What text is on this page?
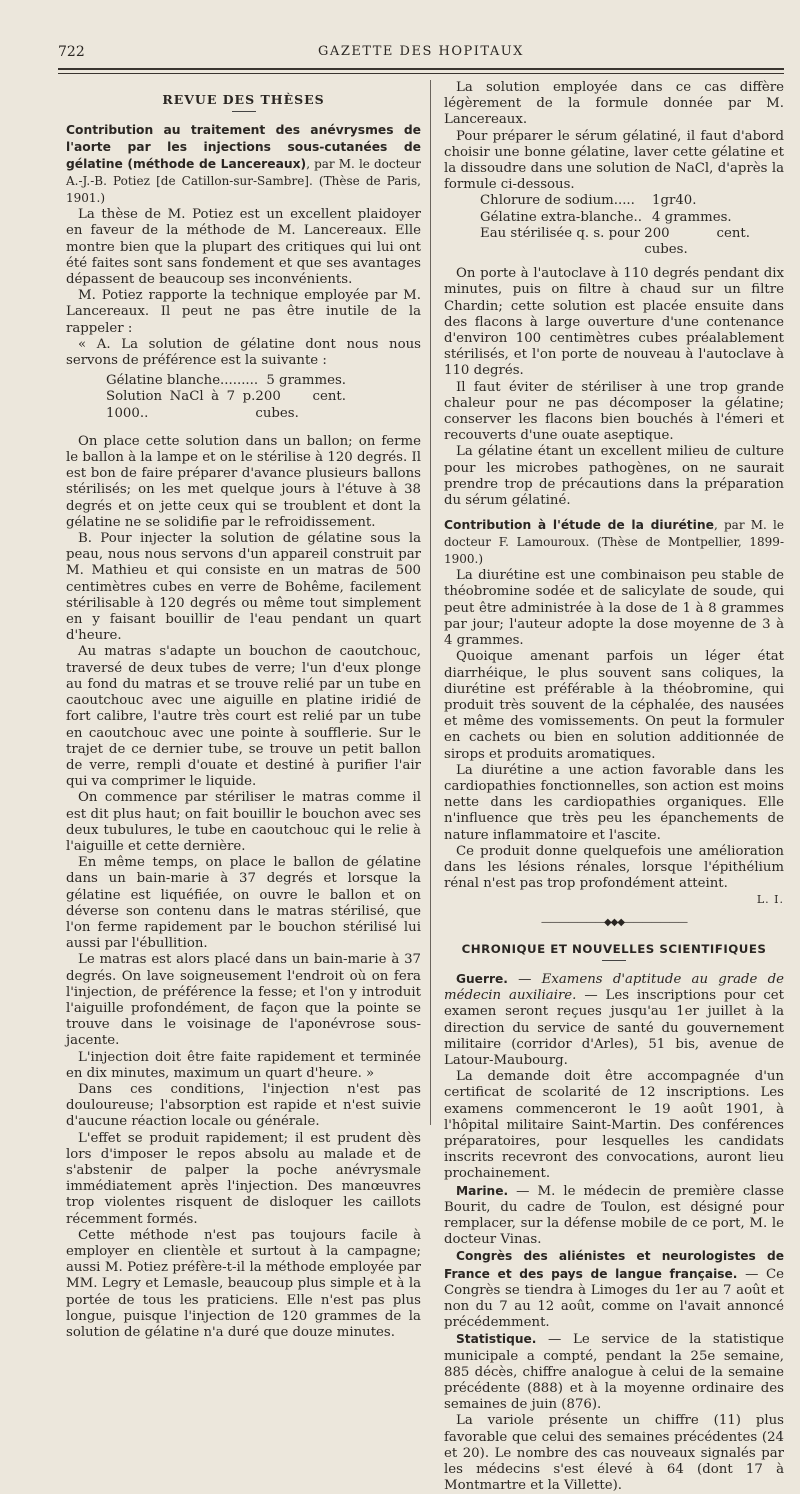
722	GAZETTE DES HOPITAUX
REVUE DES THÈSES

Contribution au traitement des anévrysmes de l'aorte par les injections sous-cutanées de gélatine (méthode de Lancereaux), par M. le docteur A.-J.-B. Potiez [de Catillon-sur-Sambre]. (Thèse de Paris, 1901.)

La thèse de M. Potiez est un excellent plaidoyer en faveur de la méthode de M. Lancereaux. Elle montre bien que la plupart des critiques qui lui ont été faites sont sans fondement et que ses avantages dépassent de beaucoup ses inconvénients.

M. Potiez rapporte la technique employée par M. Lancereaux. Il peut ne pas être inutile de la rappeler :

« A. La solution de gélatine dont nous nous servons de préférence est la suivante :

Gélatine blanche......... 5 grammes.
Solution NaCl à 7 p. 1000..
200 cent. cubes.

On place cette solution dans un ballon; on ferme le ballon à la lampe et on le stérilise à 120 degrés. Il est bon de faire préparer d'avance plusieurs ballons stérilisés; on les met quelque jours à l'étuve à 38 degrés et on jette ceux qui se troublent et dont la gélatine ne se solidifie par le refroidissement.

B. Pour injecter la solution de gélatine sous la peau, nous nous servons d'un appareil construit par M. Mathieu et qui consiste en un matras de 500 centimètres cubes en verre de Bohême, facilement stérilisable à 120 degrés ou même tout simplement en y faisant bouillir de l'eau pendant un quart d'heure.

Au matras s'adapte un bouchon de caoutchouc, traversé de deux tubes de verre; l'un d'eux plonge au fond du matras et se trouve relié par un tube en caoutchouc avec une aiguille en platine iridié de fort calibre, l'autre très court est relié par un tube en caoutchouc avec une pointe à soufflerie. Sur le trajet de ce dernier tube, se trouve un petit ballon de verre, rempli d'ouate et destiné à purifier l'air qui va comprimer le liquide.

On commence par stériliser le matras comme il est dit plus haut; on fait bouillir le bouchon avec ses deux tubulures, le tube en caoutchouc qui le relie à l'aiguille et cette dernière.

En même temps, on place le ballon de gélatine dans un bain-marie à 37 degrés et lorsque la gélatine est liquéfiée, on ouvre le ballon et on déverse son contenu dans le matras stérilisé, que l'on ferme rapidement par le bouchon stérilisé lui aussi par l'ébullition.

Le matras est alors placé dans un bain-marie à 37 degrés. On lave soigneusement l'endroit où on fera l'injection, de préférence la fesse; et l'on y introduit l'aiguille profondément, de façon que la pointe se trouve dans le voisinage de l'aponévrose sous-jacente.

L'injection doit être faite rapidement et terminée en dix minutes, maximum un quart d'heure. »

Dans ces conditions, l'injection n'est pas douloureuse; l'absorption est rapide et n'est suivie d'aucune réaction locale ou générale.

L'effet se produit rapidement; il est prudent dès lors d'imposer le repos absolu au malade et de s'abstenir de palper la poche anévrysmale immédiatement après l'injection. Des manœuvres trop violentes risquent de disloquer les caillots récemment formés.

Cette méthode n'est pas toujours facile à employer en clientèle et surtout à la campagne; aussi M. Potiez préfère-t-il la méthode employée par MM. Legry et Lemasle, beaucoup plus simple et à la portée de tous les praticiens. Elle n'est pas plus longue, puisque l'injection de 120 grammes de la solution de gélatine n'a duré que douze minutes.

La solution employée dans ce cas diffère légèrement de la formule donnée par M. Lancereaux.

Pour préparer le sérum gélatiné, il faut d'abord choisir une bonne gélatine, laver cette gélatine et la dissoudre dans une solution de NaCl, d'après la formule ci-dessous.

Chlorure de sodium.....	1gr40.
Gélatine extra-blanche.. 4 grammes.
Eau stérilisée q. s. pour 200 cent. cubes.

On porte à l'autoclave à 110 degrés pendant dix minutes, puis on filtre à chaud sur un filtre Chardin; cette solution est placée ensuite dans des flacons à large ouverture d'une contenance d'environ 100 centimètres cubes préalablement stérilisés, et l'on porte de nouveau à l'autoclave à 110 degrés.

Il faut éviter de stériliser à une trop grande chaleur pour ne pas décomposer la gélatine; conserver les flacons bien bouchés à l'émeri et recouverts d'une ouate aseptique.

La gélatine étant un excellent milieu de culture pour les microbes pathogènes, on ne saurait prendre trop de précautions dans la préparation du sérum gélatiné.

Contribution à l'étude de la diurétine, par M. le docteur F. Lamouroux. (Thèse de Montpellier, 1899-1900.)

La diurétine est une combinaison peu stable de théobromine sodée et de salicylate de soude, qui peut être administrée à la dose de 1 à 8 grammes par jour; l'auteur adopte la dose moyenne de 3 à 4 grammes.

Quoique amenant parfois un léger état diarrhéique, le plus souvent sans coliques, la diurétine est préférable à la théobromine, qui produit très souvent de la céphalée, des nausées et même des vomissements. On peut la formuler en cachets ou bien en solution additionnée de sirops et produits aromatiques.

La diurétine a une action favorable dans les cardiopathies fonctionnelles, son action est moins nette dans les cardiopathies organiques. Elle n'influence que très peu les épanchements de nature inflammatoire et l'ascite.

Ce produit donne quelquefois une amélioration dans les lésions rénales, lorsque l'épithélium rénal n'est pas trop profondément atteint.

L. I.
———————◆◆◆———————
CHRONIQUE ET NOUVELLES SCIENTIFIQUES

Guerre. — Examens d'aptitude au grade de médecin auxiliaire. — Les inscriptions pour cet examen seront reçues jusqu'au 1er juillet à la direction du service de santé du gouvernement militaire (corridor d'Arles), 51 bis, avenue de Latour-Maubourg.

La demande doit être accompagnée d'un certificat de scolarité de 12 inscriptions. Les examens commenceront le 19 août 1901, à l'hôpital militaire Saint-Martin. Des conférences préparatoires, pour lesquelles les candidats inscrits recevront des convocations, auront lieu prochainement.

Marine. — M. le médecin de première classe Bourit, du cadre de Toulon, est désigné pour remplacer, sur la défense mobile de ce port, M. le docteur Vinas.

Congrès des aliénistes et neurologistes de France et des pays de langue française. — Ce Congrès se tiendra à Limoges du 1er au 7 août et non du 7 au 12 août, comme on l'avait annoncé précédemment.

Statistique. — Le service de la statistique municipale a compté, pendant la 25e semaine, 885 décès, chiffre analogue à celui de la semaine précédente (888) et à la moyenne ordinaire des semaines de juin (876).

La variole présente un chiffre (11) plus favorable que celui des semaines précédentes (24 et 20). Le nombre des cas nouveaux signalés par les médecins s'est élevé à 64 (dont 17 à Montmartre et la Villette).
